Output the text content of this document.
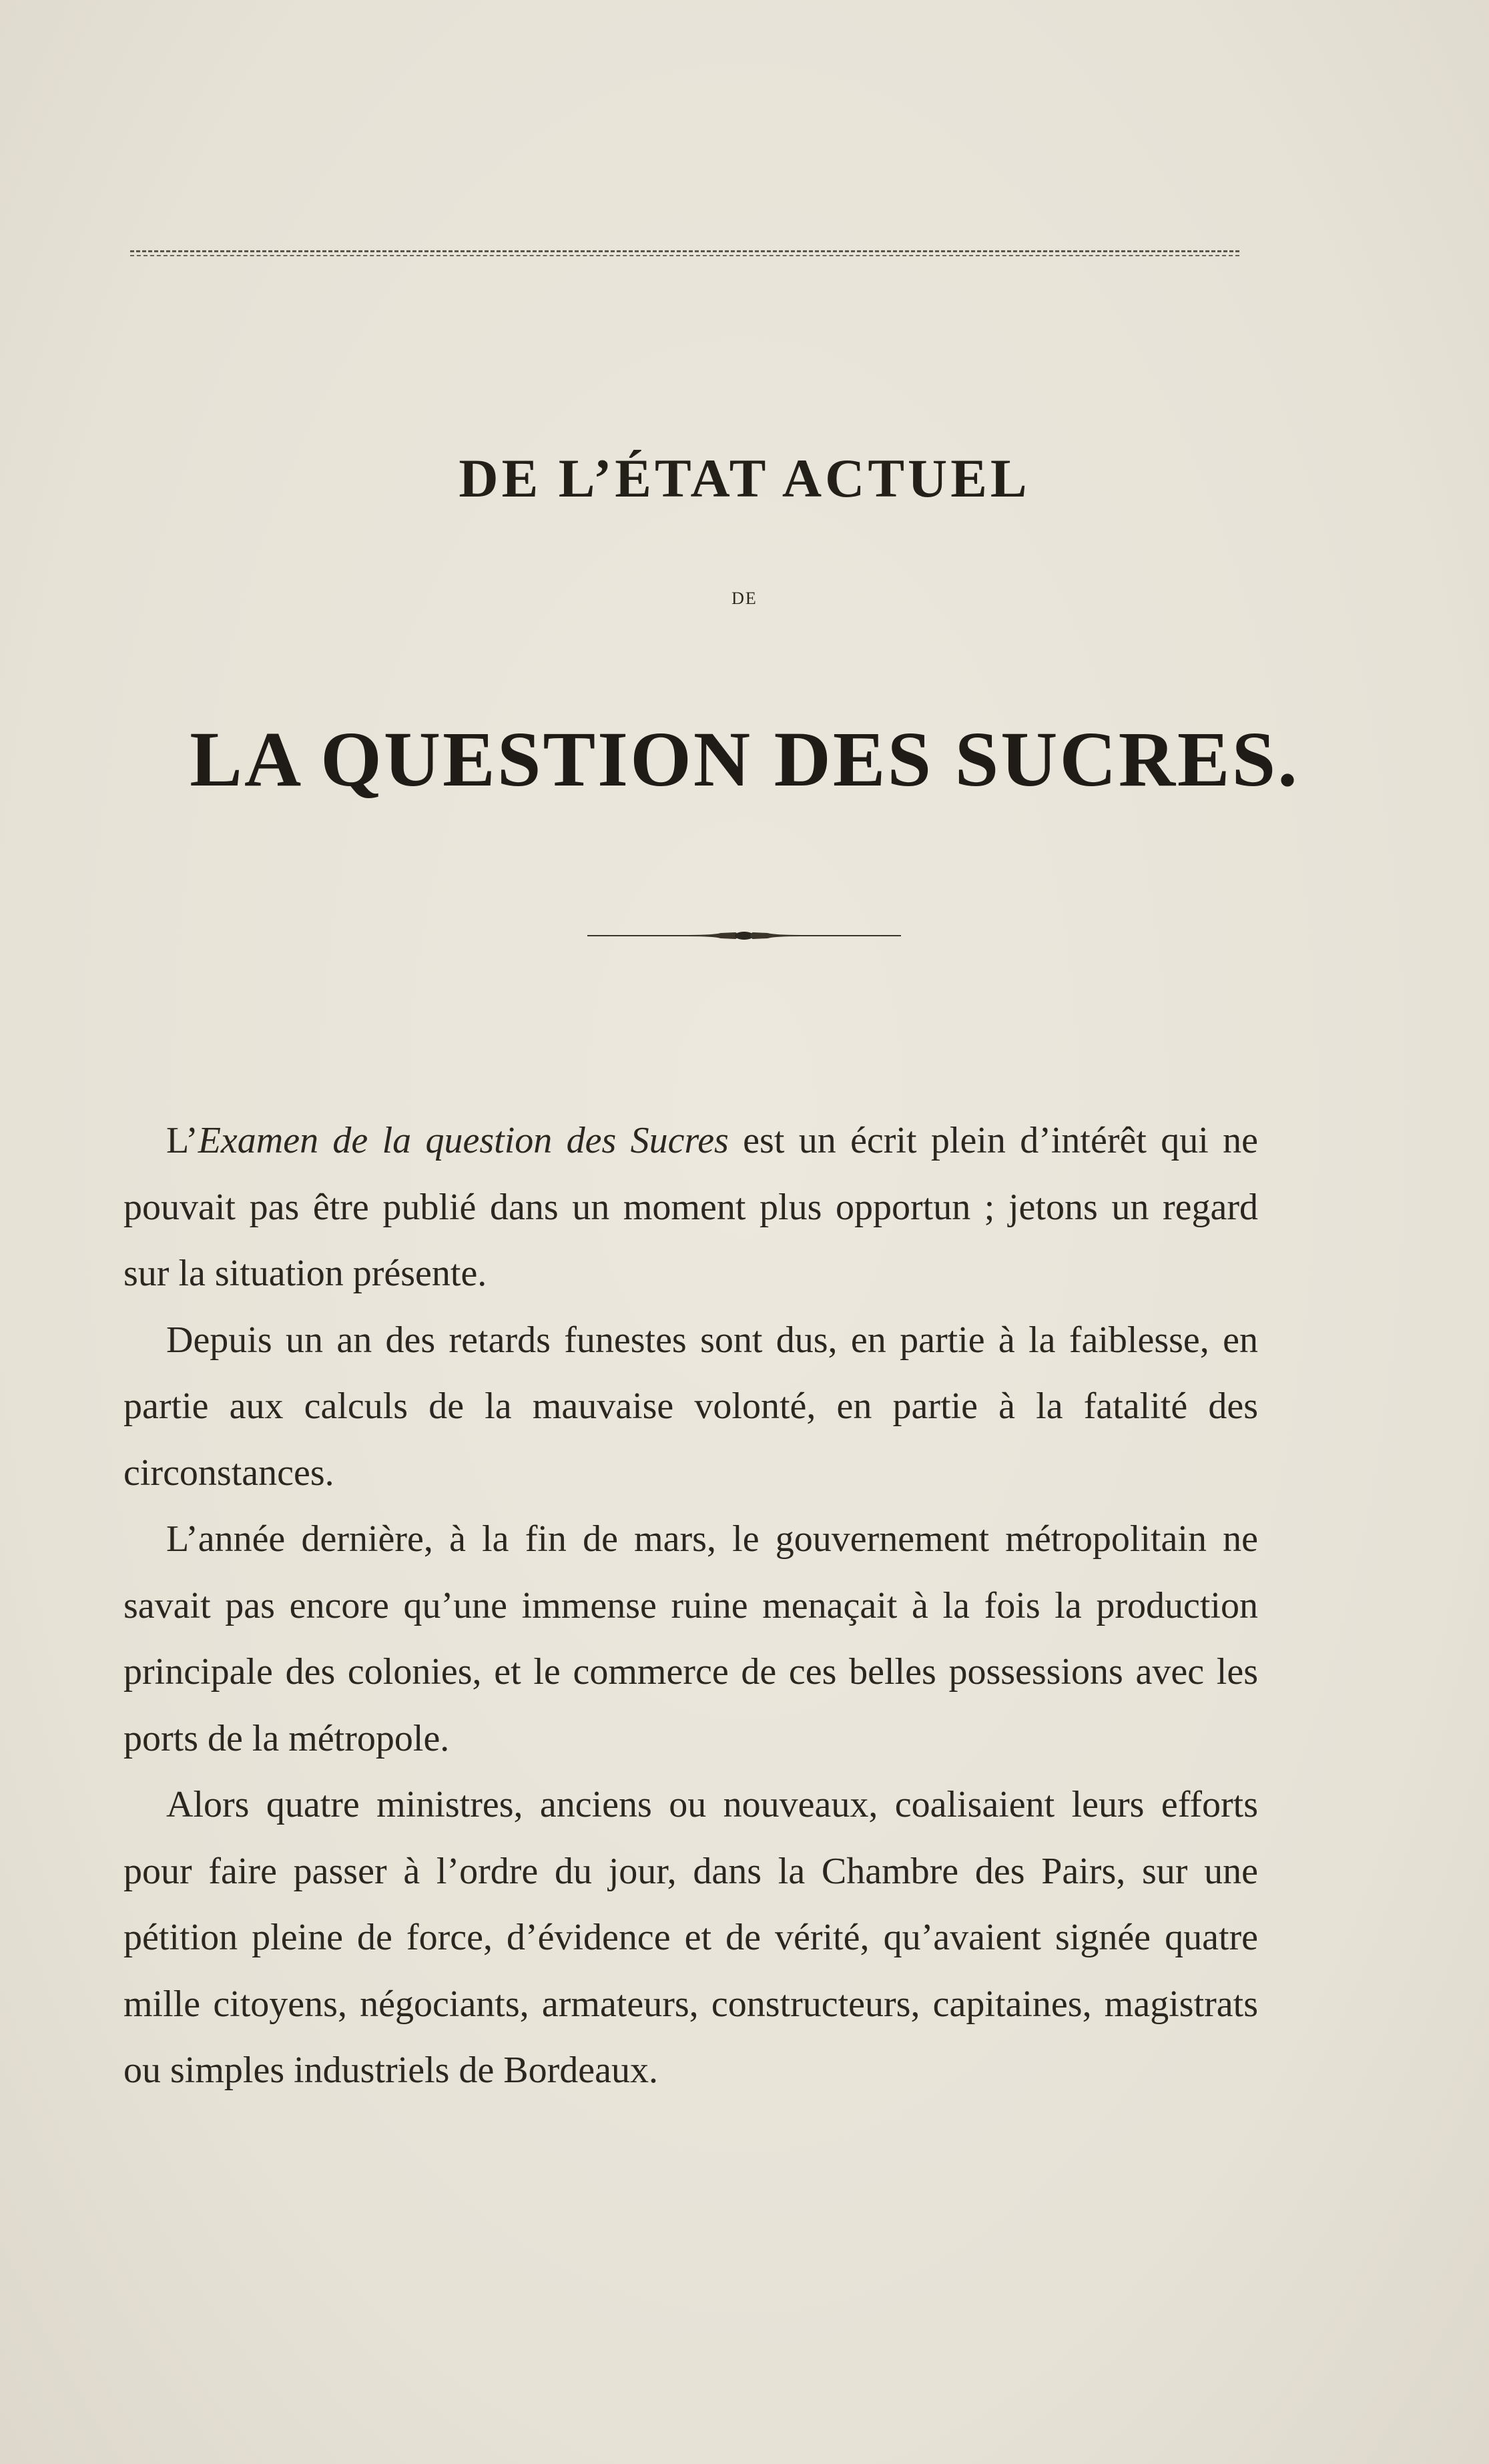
DE L’ÉTAT ACTUEL
DE
LA QUESTION DES SUCRES.

L’Examen de la question des Sucres est un écrit plein d’intérêt qui ne pouvait pas être publié dans un moment plus opportun ; jetons un regard sur la situation présente.

Depuis un an des retards funestes sont dus, en partie à la faiblesse, en partie aux calculs de la mauvaise volonté, en partie à la fatalité des circonstances.

L’année dernière, à la fin de mars, le gouvernement métropolitain ne savait pas encore qu’une immense ruine menaçait à la fois la production principale des colonies, et le commerce de ces belles possessions avec les ports de la métropole.

Alors quatre ministres, anciens ou nouveaux, coalisaient leurs efforts pour faire passer à l’ordre du jour, dans la Chambre des Pairs, sur une pétition pleine de force, d’évidence et de vérité, qu’avaient signée quatre mille citoyens, négociants, armateurs, constructeurs, capitaines, magistrats ou simples industriels de Bordeaux.
